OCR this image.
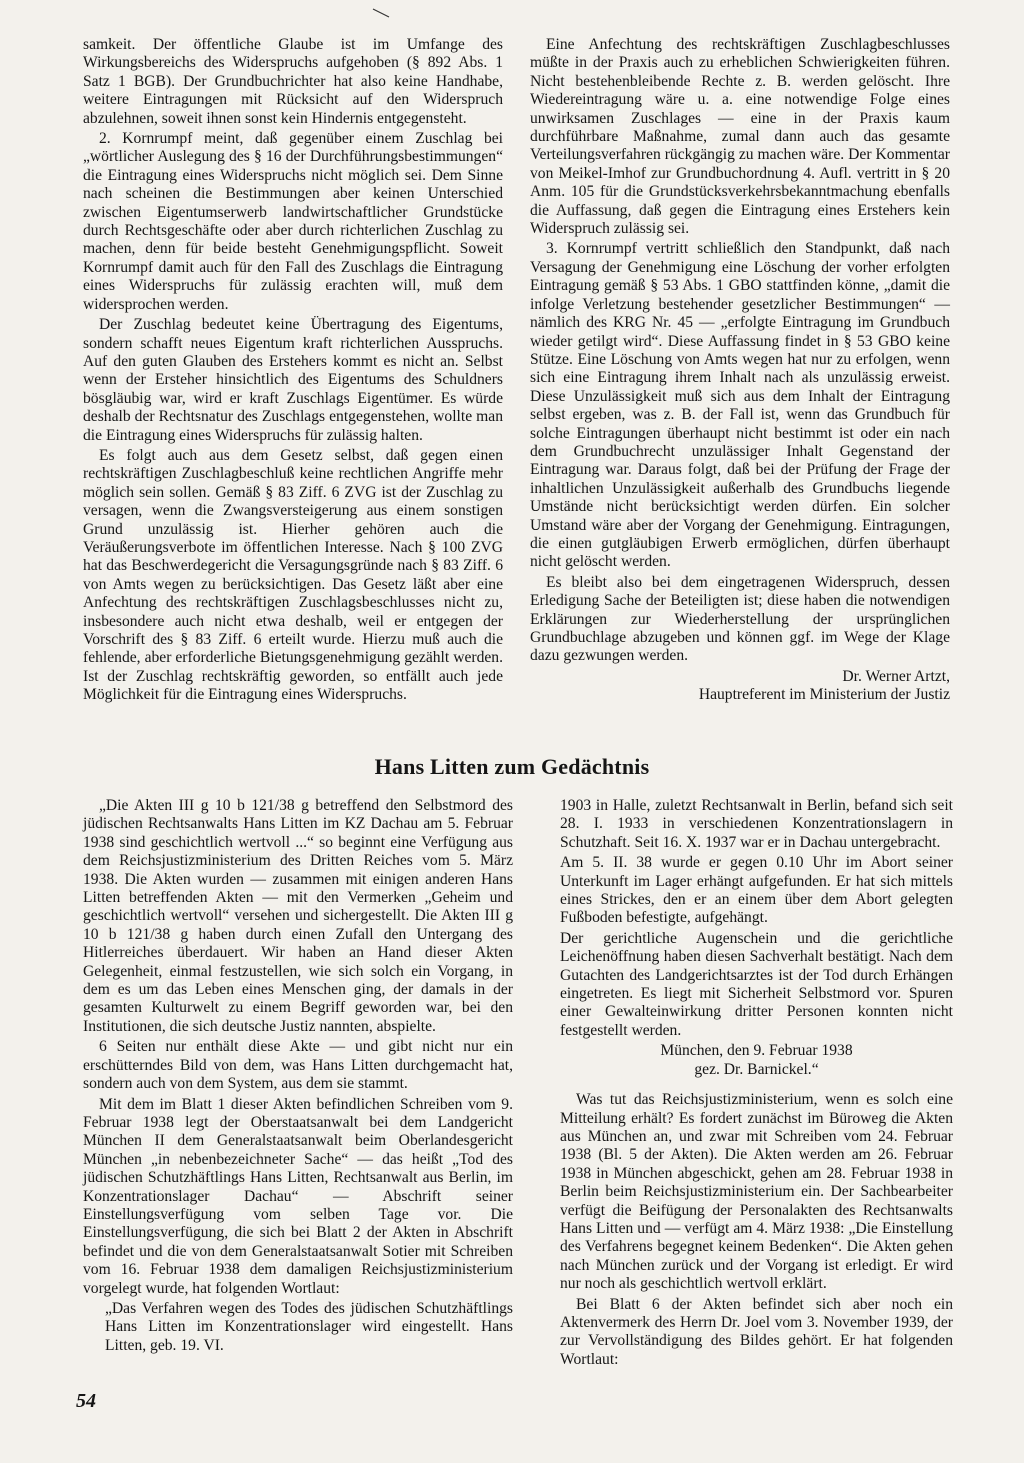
samkeit. Der öffentliche Glaube ist im Umfange des Wirkungsbereichs des Widerspruchs aufgehoben (§ 892 Abs. 1 Satz 1 BGB). Der Grundbuchrichter hat also keine Handhabe, weitere Eintragungen mit Rücksicht auf den Widerspruch abzulehnen, soweit ihnen sonst kein Hindernis entgegensteht.

2. Kornrumpf meint, daß gegenüber einem Zuschlag bei „wörtlicher Auslegung des § 16 der Durchführungsbestimmungen“ die Eintragung eines Widerspruchs nicht möglich sei. Dem Sinne nach scheinen die Bestimmungen aber keinen Unterschied zwischen Eigentumserwerb landwirtschaftlicher Grundstücke durch Rechtsgeschäfte oder aber durch richterlichen Zuschlag zu machen, denn für beide besteht Genehmigungspflicht. Soweit Kornrumpf damit auch für den Fall des Zuschlags die Eintragung eines Widerspruchs für zulässig erachten will, muß dem widersprochen werden.

Der Zuschlag bedeutet keine Übertragung des Eigentums, sondern schafft neues Eigentum kraft richterlichen Ausspruchs. Auf den guten Glauben des Erstehers kommt es nicht an. Selbst wenn der Ersteher hinsichtlich des Eigentums des Schuldners bösgläubig war, wird er kraft Zuschlags Eigentümer. Es würde deshalb der Rechtsnatur des Zuschlags entgegenstehen, wollte man die Eintragung eines Widerspruchs für zulässig halten.

Es folgt auch aus dem Gesetz selbst, daß gegen einen rechtskräftigen Zuschlagbeschluß keine rechtlichen Angriffe mehr möglich sein sollen. Gemäß § 83 Ziff. 6 ZVG ist der Zuschlag zu versagen, wenn die Zwangsversteigerung aus einem sonstigen Grund unzulässig ist. Hierher gehören auch die Veräußerungsverbote im öffentlichen Interesse. Nach § 100 ZVG hat das Beschwerdegericht die Versagungsgründe nach § 83 Ziff. 6 von Amts wegen zu berücksichtigen. Das Gesetz läßt aber eine Anfechtung des rechtskräftigen Zuschlagsbeschlusses nicht zu, insbesondere auch nicht etwa deshalb, weil er entgegen der Vorschrift des § 83 Ziff. 6 erteilt wurde. Hierzu muß auch die fehlende, aber erforderliche Bietungsgenehmigung gezählt werden. Ist der Zuschlag rechtskräftig geworden, so entfällt auch jede Möglichkeit für die Eintragung eines Widerspruchs.

Eine Anfechtung des rechtskräftigen Zuschlagbeschlusses müßte in der Praxis auch zu erheblichen Schwierigkeiten führen. Nicht bestehenbleibende Rechte z. B. werden gelöscht. Ihre Wiedereintragung wäre u. a. eine notwendige Folge eines unwirksamen Zuschlages — eine in der Praxis kaum durchführbare Maßnahme, zumal dann auch das gesamte Verteilungsverfahren rückgängig zu machen wäre. Der Kommentar von Meikel-Imhof zur Grundbuchordnung 4. Aufl. vertritt in § 20 Anm. 105 für die Grundstücksverkehrsbekanntmachung ebenfalls die Auffassung, daß gegen die Eintragung eines Erstehers kein Widerspruch zulässig sei.

3. Kornrumpf vertritt schließlich den Standpunkt, daß nach Versagung der Genehmigung eine Löschung der vorher erfolgten Eintragung gemäß § 53 Abs. 1 GBO stattfinden könne, „damit die infolge Verletzung bestehender gesetzlicher Bestimmungen“ — nämlich des KRG Nr. 45 — „erfolgte Eintragung im Grundbuch wieder getilgt wird“. Diese Auffassung findet in § 53 GBO keine Stütze. Eine Löschung von Amts wegen hat nur zu erfolgen, wenn sich eine Eintragung ihrem Inhalt nach als unzulässig erweist. Diese Unzulässigkeit muß sich aus dem Inhalt der Eintragung selbst ergeben, was z. B. der Fall ist, wenn das Grundbuch für solche Eintragungen überhaupt nicht bestimmt ist oder ein nach dem Grundbuchrecht unzulässiger Inhalt Gegenstand der Eintragung war. Daraus folgt, daß bei der Prüfung der Frage der inhaltlichen Unzulässigkeit außerhalb des Grundbuchs liegende Umstände nicht berücksichtigt werden dürfen. Ein solcher Umstand wäre aber der Vorgang der Genehmigung. Eintragungen, die einen gutgläubigen Erwerb ermöglichen, dürfen überhaupt nicht gelöscht werden.

Es bleibt also bei dem eingetragenen Widerspruch, dessen Erledigung Sache der Beteiligten ist; diese haben die notwendigen Erklärungen zur Wiederherstellung der ursprünglichen Grundbuchlage abzugeben und können ggf. im Wege der Klage dazu gezwungen werden.

Dr. Werner Artzt,

Hauptreferent im Ministerium der Justiz

Hans Litten zum Gedächtnis

„Die Akten III g 10 b 121/38 g betreffend den Selbstmord des jüdischen Rechtsanwalts Hans Litten im KZ Dachau am 5. Februar 1938 sind geschichtlich wertvoll ...“ so beginnt eine Verfügung aus dem Reichsjustizministerium des Dritten Reiches vom 5. März 1938. Die Akten wurden — zusammen mit einigen anderen Hans Litten betreffenden Akten — mit den Vermerken „Geheim und geschichtlich wertvoll“ versehen und sichergestellt. Die Akten III g 10 b 121/38 g haben durch einen Zufall den Untergang des Hitlerreiches überdauert. Wir haben an Hand dieser Akten Gelegenheit, einmal festzustellen, wie sich solch ein Vorgang, in dem es um das Leben eines Menschen ging, der damals in der gesamten Kulturwelt zu einem Begriff geworden war, bei den Institutionen, die sich deutsche Justiz nannten, abspielte.

6 Seiten nur enthält diese Akte — und gibt nicht nur ein erschütterndes Bild von dem, was Hans Litten durchgemacht hat, sondern auch von dem System, aus dem sie stammt.

Mit dem im Blatt 1 dieser Akten befindlichen Schreiben vom 9. Februar 1938 legt der Oberstaatsanwalt bei dem Landgericht München II dem Generalstaatsanwalt beim Oberlandesgericht München „in nebenbezeichneter Sache“ — das heißt „Tod des jüdischen Schutzhäftlings Hans Litten, Rechtsanwalt aus Berlin, im Konzentrationslager Dachau“ — Abschrift seiner Einstellungsverfügung vom selben Tage vor. Die Einstellungsverfügung, die sich bei Blatt 2 der Akten in Abschrift befindet und die von dem Generalstaatsanwalt Sotier mit Schreiben vom 16. Februar 1938 dem damaligen Reichsjustizministerium vorgelegt wurde, hat folgenden Wortlaut:

„Das Verfahren wegen des Todes des jüdischen Schutzhäftlings Hans Litten im Konzentrationslager wird eingestellt. Hans Litten, geb. 19. VI.

1903 in Halle, zuletzt Rechtsanwalt in Berlin, befand sich seit 28. I. 1933 in verschiedenen Konzentrationslagern in Schutzhaft. Seit 16. X. 1937 war er in Dachau untergebracht.

Am 5. II. 38 wurde er gegen 0.10 Uhr im Abort seiner Unterkunft im Lager erhängt aufgefunden. Er hat sich mittels eines Strickes, den er an einem über dem Abort gelegten Fußboden befestigte, aufgehängt.

Der gerichtliche Augenschein und die gerichtliche Leichenöffnung haben diesen Sachverhalt bestätigt. Nach dem Gutachten des Landgerichtsarztes ist der Tod durch Erhängen eingetreten. Es liegt mit Sicherheit Selbstmord vor. Spuren einer Gewalteinwirkung dritter Personen konnten nicht festgestellt werden.

München, den 9. Februar 1938

gez. Dr. Barnickel.“

Was tut das Reichsjustizministerium, wenn es solch eine Mitteilung erhält? Es fordert zunächst im Büroweg die Akten aus München an, und zwar mit Schreiben vom 24. Februar 1938 (Bl. 5 der Akten). Die Akten werden am 26. Februar 1938 in München abgeschickt, gehen am 28. Februar 1938 in Berlin beim Reichsjustizministerium ein. Der Sachbearbeiter verfügt die Beifügung der Personalakten des Rechtsanwalts Hans Litten und — verfügt am 4. März 1938: „Die Einstellung des Verfahrens begegnet keinem Bedenken“. Die Akten gehen nach München zurück und der Vorgang ist erledigt. Er wird nur noch als geschichtlich wertvoll erklärt.

Bei Blatt 6 der Akten befindet sich aber noch ein Aktenvermerk des Herrn Dr. Joel vom 3. November 1939, der zur Vervollständigung des Bildes gehört. Er hat folgenden Wortlaut:

54
